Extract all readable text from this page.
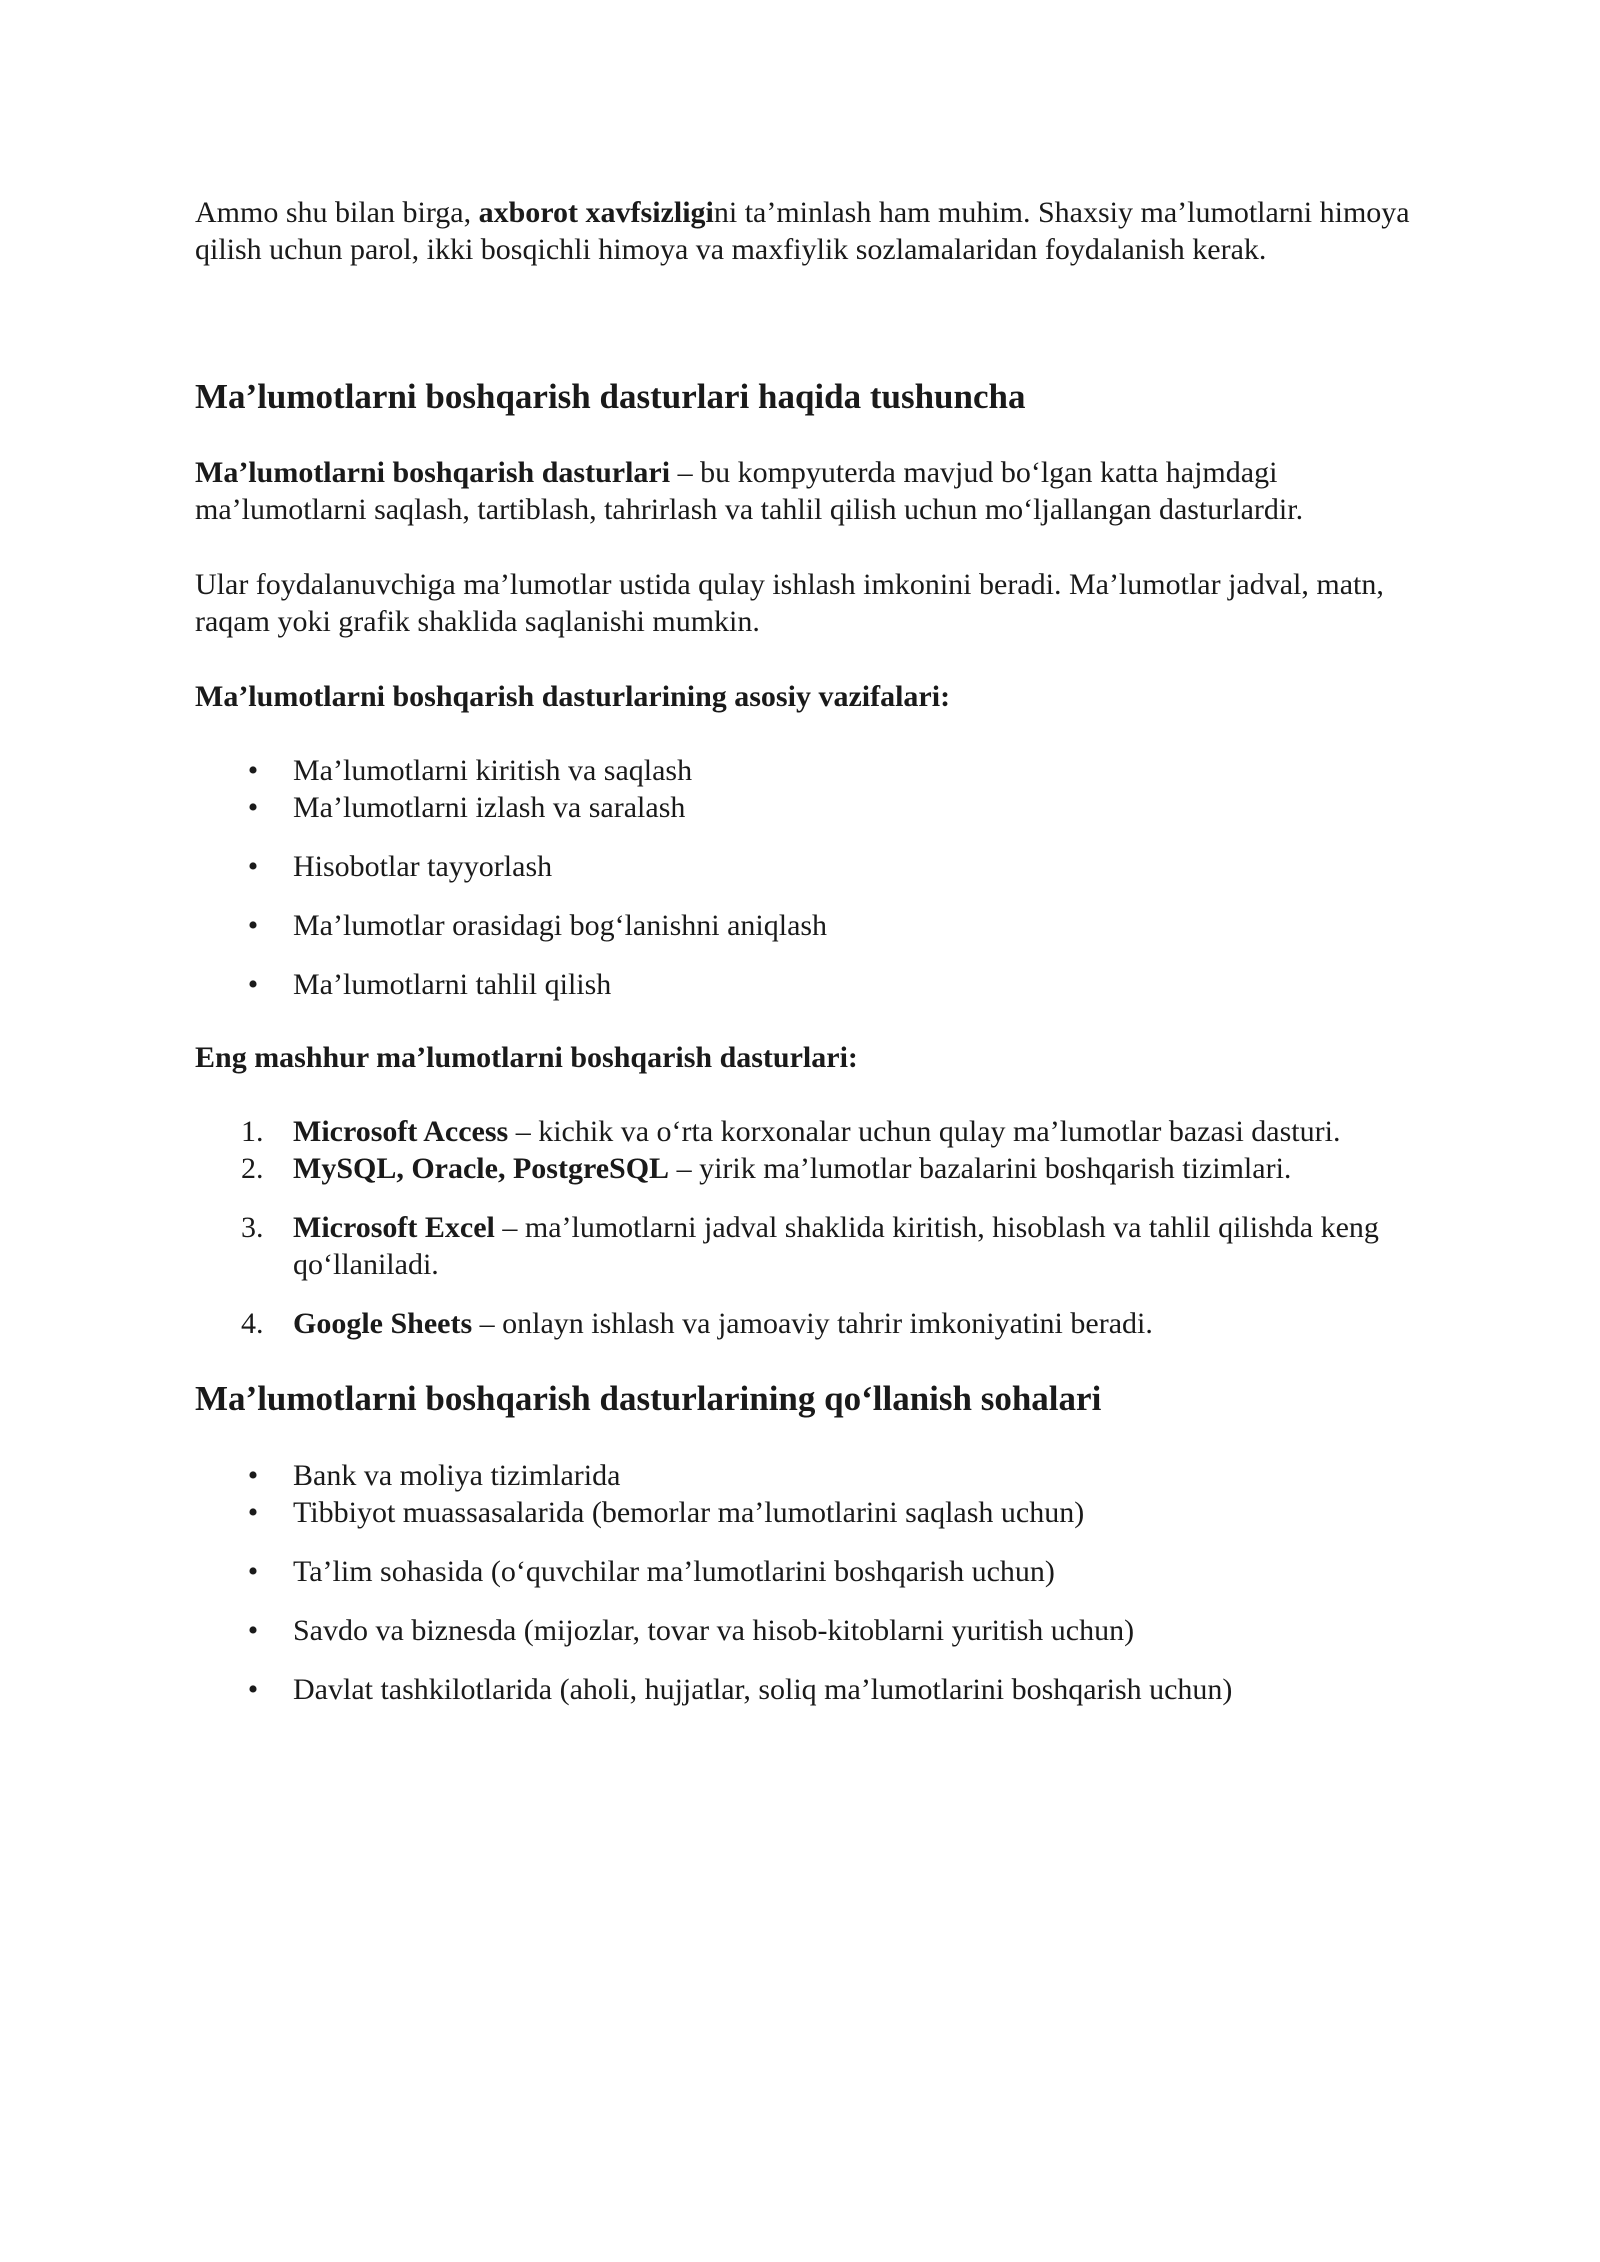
Ammo shu bilan birga, axborot xavfsizligini ta’minlash ham muhim. Shaxsiy ma’lumotlarni himoya qilish uchun parol, ikki bosqichli himoya va maxfiylik sozlamalaridan foydalanish kerak.

Ma’lumotlarni boshqarish dasturlari haqida tushuncha

Ma’lumotlarni boshqarish dasturlari – bu kompyuterda mavjud bo‘lgan katta hajmdagi ma’lumotlarni saqlash, tartiblash, tahrirlash va tahlil qilish uchun mo‘ljallangan dasturlardir.

Ular foydalanuvchiga ma’lumotlar ustida qulay ishlash imkonini beradi. Ma’lumotlar jadval, matn, raqam yoki grafik shaklida saqlanishi mumkin.

Ma’lumotlarni boshqarish dasturlarining asosiy vazifalari:

• Ma’lumotlarni kiritish va saqlash
• Ma’lumotlarni izlash va saralash
• Hisobotlar tayyorlash
• Ma’lumotlar orasidagi bog‘lanishni aniqlash
• Ma’lumotlarni tahlil qilish

Eng mashhur ma’lumotlarni boshqarish dasturlari:

1. Microsoft Access – kichik va o‘rta korxonalar uchun qulay ma’lumotlar bazasi dasturi.
2. MySQL, Oracle, PostgreSQL – yirik ma’lumotlar bazalarini boshqarish tizimlari.
3. Microsoft Excel – ma’lumotlarni jadval shaklida kiritish, hisoblash va tahlil qilishda keng qo‘llaniladi.
4. Google Sheets – onlayn ishlash va jamoaviy tahrir imkoniyatini beradi.
Ma’lumotlarni boshqarish dasturlarining qo‘llanish sohalari
• Bank va moliya tizimlarida
• Tibbiyot muassasalarida (bemorlar ma’lumotlarini saqlash uchun)
• Ta’lim sohasida (o‘quvchilar ma’lumotlarini boshqarish uchun)
• Savdo va biznesda (mijozlar, tovar va hisob-kitoblarni yuritish uchun)
• Davlat tashkilotlarida (aholi, hujjatlar, soliq ma’lumotlarini boshqarish uchun)
